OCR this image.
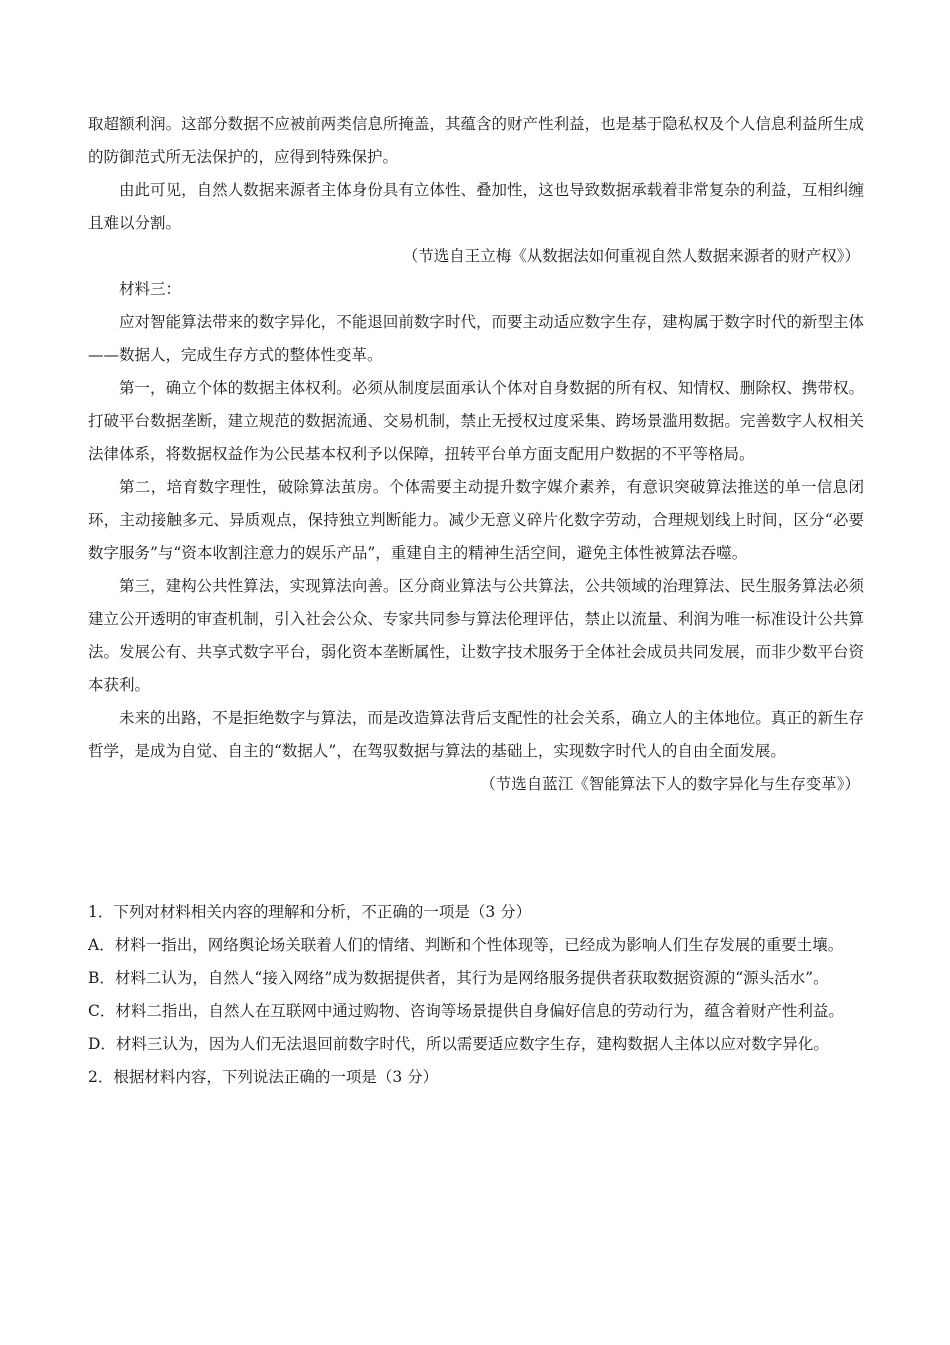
取超额利润。这部分数据不应被前两类信息所掩盖，其蕴含的财产性利益，也是基于隐私权及个人信息利益所生成的防御范式所无法保护的，应得到特殊保护。

由此可见，自然人数据来源者主体身份具有立体性、叠加性，这也导致数据承载着非常复杂的利益，互相纠缠且难以分割。

（节选自王立梅《从数据法如何重视自然人数据来源者的财产权》）

材料三：

应对智能算法带来的数字异化，不能退回前数字时代，而要主动适应数字生存，建构属于数字时代的新型主体——数据人，完成生存方式的整体性变革。

第一，确立个体的数据主体权利。必须从制度层面承认个体对自身数据的所有权、知情权、删除权、携带权。打破平台数据垄断，建立规范的数据流通、交易机制，禁止无授权过度采集、跨场景滥用数据。完善数字人权相关法律体系，将数据权益作为公民基本权利予以保障，扭转平台单方面支配用户数据的不平等格局。

第二，培育数字理性，破除算法茧房。个体需要主动提升数字媒介素养，有意识突破算法推送的单一信息闭环，主动接触多元、异质观点，保持独立判断能力。减少无意义碎片化数字劳动，合理规划线上时间，区分“必要数字服务”与“资本收割注意力的娱乐产品”，重建自主的精神生活空间，避免主体性被算法吞噬。

第三，建构公共性算法，实现算法向善。区分商业算法与公共算法，公共领域的治理算法、民生服务算法必须建立公开透明的审查机制，引入社会公众、专家共同参与算法伦理评估，禁止以流量、利润为唯一标准设计公共算法。发展公有、共享式数字平台，弱化资本垄断属性，让数字技术服务于全体社会成员共同发展，而非少数平台资本获利。

未来的出路，不是拒绝数字与算法，而是改造算法背后支配性的社会关系，确立人的主体地位。真正的新生存哲学，是成为自觉、自主的“数据人”，在驾驭数据与算法的基础上，实现数字时代人的自由全面发展。

（节选自蓝江《智能算法下人的数字异化与生存变革》）

1．下列对材料相关内容的理解和分析，不正确的一项是（3 分）

A．材料一指出，网络舆论场关联着人们的情绪、判断和个性体现等，已经成为影响人们生存发展的重要土壤。

B．材料二认为，自然人“接入网络”成为数据提供者，其行为是网络服务提供者获取数据资源的“源头活水”。

C．材料二指出，自然人在互联网中通过购物、咨询等场景提供自身偏好信息的劳动行为，蕴含着财产性利益。

D．材料三认为，因为人们无法退回前数字时代，所以需要适应数字生存，建构数据人主体以应对数字异化。

2．根据材料内容，下列说法正确的一项是（3 分）
